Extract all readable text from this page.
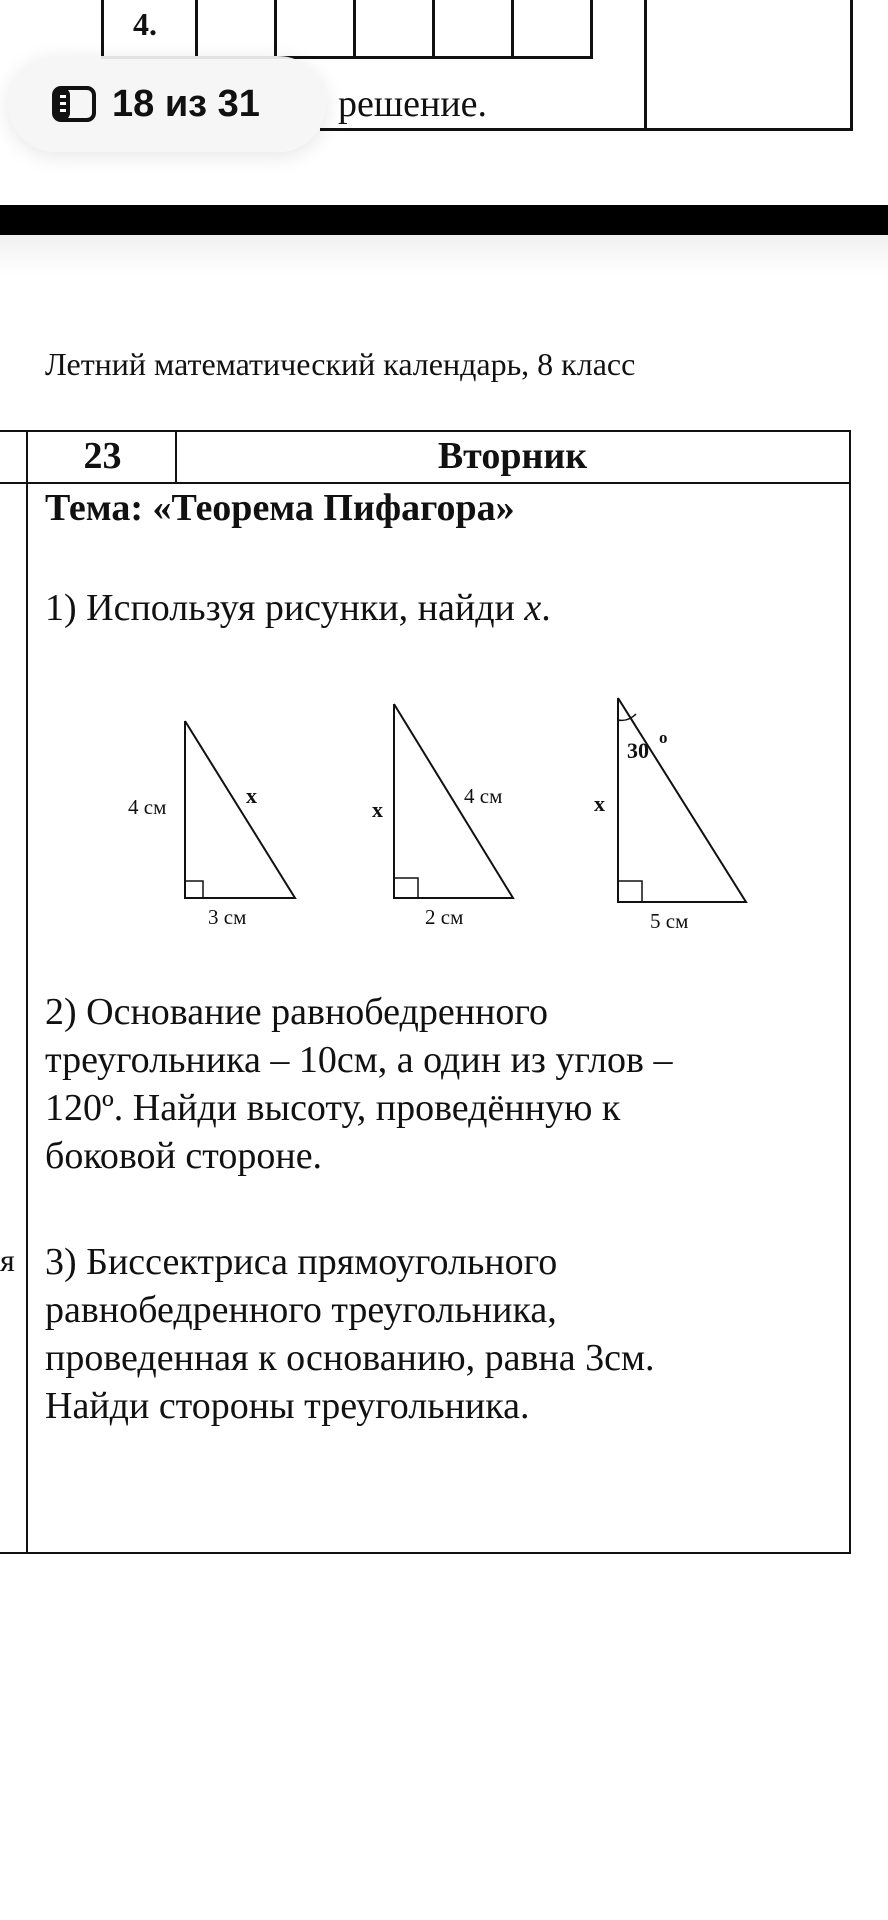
4.
решение.
18 из 31
Летний математический календарь, 8 класс
23	Вторник
Тема: «Теорема Пифагора»
1) Используя рисунки, найди x.
4 см	x
3 см
x
4 см
2 см
30
o
x
5 см

2) Основание равнобедренного

треугольника – 10см, а один из углов –

120º. Найди высоту, проведённую к

боковой стороне.

я 3) Биссектриса прямоугольного

равнобедренного треугольника,

проведенная к основанию, равна 3см.

Найди стороны треугольника.
